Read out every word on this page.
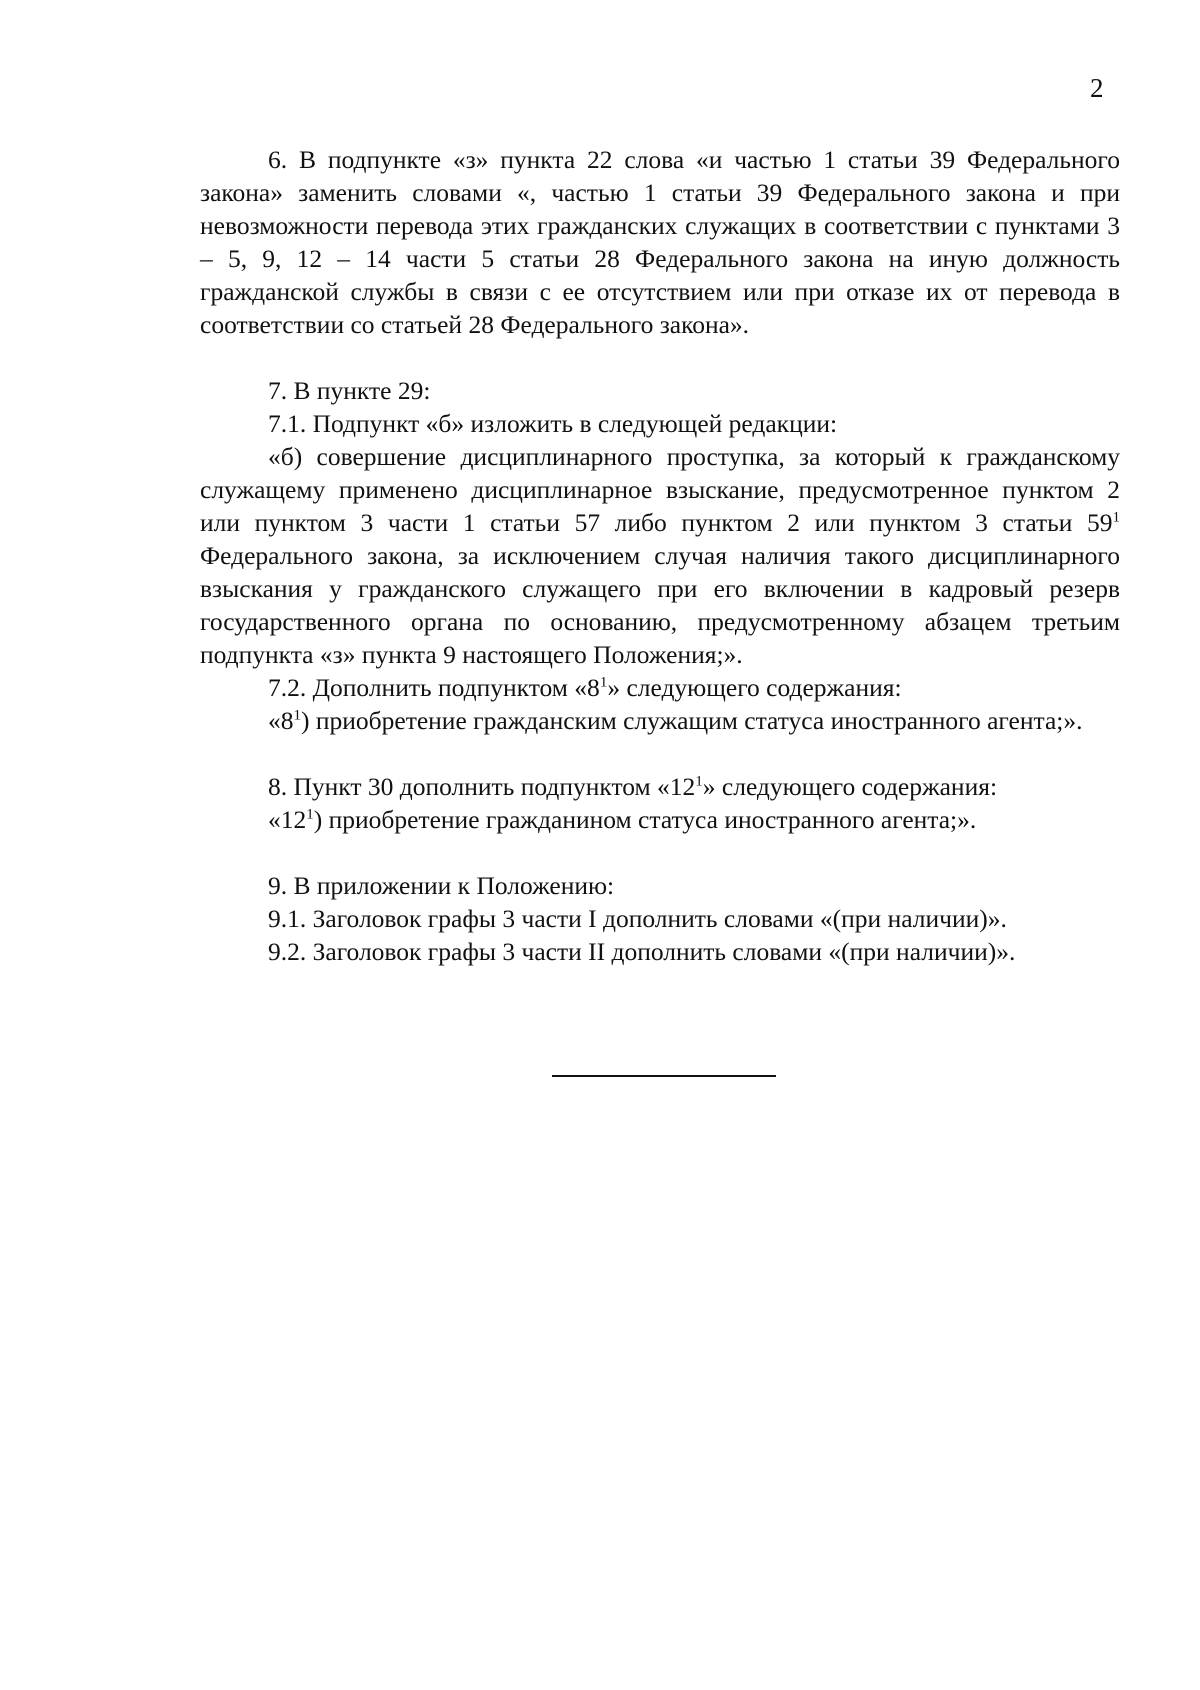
2

6. В подпункте «з» пункта 22 слова «и частью 1 статьи 39 Федерального закона» заменить словами «, частью 1 статьи 39 Федерального закона и при невозможности перевода этих гражданских служащих в соответствии с пунктами 3 – 5, 9, 12 – 14 части 5 статьи 28 Федерального закона на иную должность гражданской службы в связи с ее отсутствием или при отказе их от перевода в соответствии со статьей 28 Федерального закона».

7. В пункте 29:

7.1. Подпункт «б» изложить в следующей редакции:

«б) совершение дисциплинарного проступка, за который к гражданскому служащему применено дисциплинарное взыскание, предусмотренное пунктом 2 или пунктом 3 части 1 статьи 57 либо пунктом 2 или пунктом 3 статьи $59^1$ Федерального закона, за исключением случая наличия такого дисциплинарного взыскания у гражданского служащего при его включении в кадровый резерв государственного органа по основанию, предусмотренному абзацем третьим подпункта «з» пункта 9 настоящего Положения;».

7.2. Дополнить подпунктом «$8^1$» следующего содержания:

«$8^1$) приобретение гражданским служащим статуса иностранного агента;».

8. Пункт 30 дополнить подпунктом «$12^1$» следующего содержания:

«$12^1$) приобретение гражданином статуса иностранного агента;».

9. В приложении к Положению:

9.1. Заголовок графы 3 части I дополнить словами «(при наличии)».

9.2. Заголовок графы 3 части II дополнить словами «(при наличии)».
